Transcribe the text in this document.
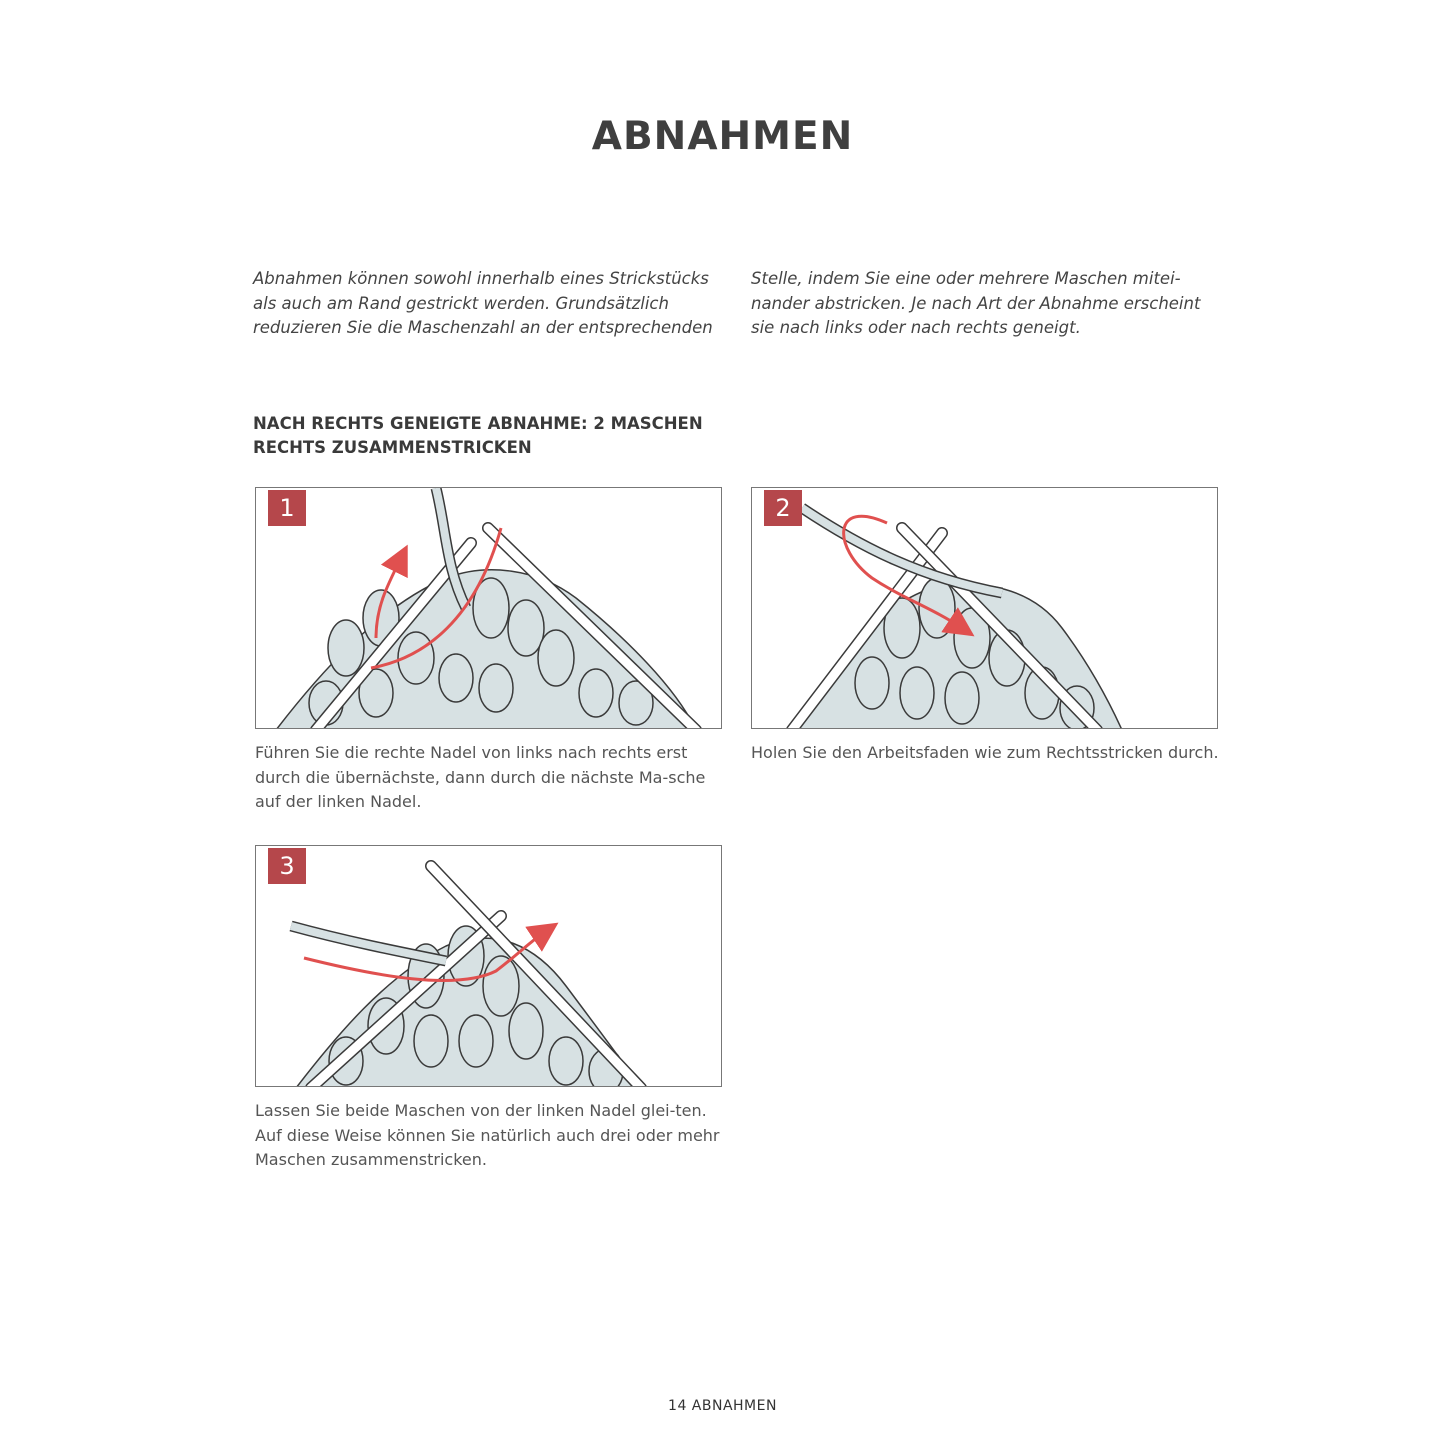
ABNAHMEN

Abnahmen können sowohl innerhalb eines Strickstücks als auch am Rand gestrickt werden. Grundsätzlich reduzieren Sie die Maschenzahl an der entsprechenden

Stelle, indem Sie eine oder mehrere Maschen mitei-nander abstricken. Je nach Art der Abnahme erscheint sie nach links oder nach rechts geneigt.

NACH RECHTS GENEIGTE ABNAHME: 2 MASCHEN RECHTS ZUSAMMENSTRICKEN
1

Führen Sie die rechte Nadel von links nach rechts erst durch die übernächste, dann durch die nächste Ma-sche auf der linken Nadel.

2

Holen Sie den Arbeitsfaden wie zum Rechtsstricken durch.

3

Lassen Sie beide Maschen von der linken Nadel glei-ten. Auf diese Weise können Sie natürlich auch drei oder mehr Maschen zusammenstricken.

14 ABNAHMEN
